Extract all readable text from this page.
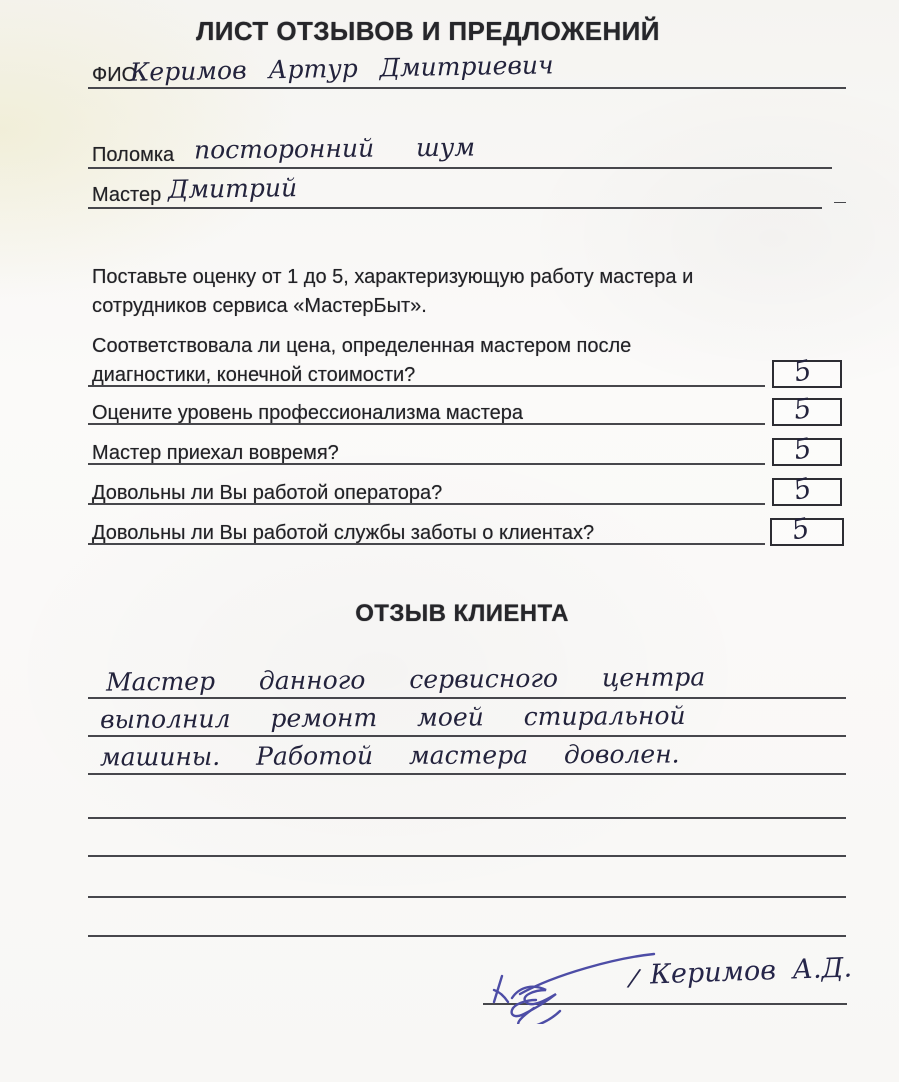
ЛИСТ ОТЗЫВОВ И ПРЕДЛОЖЕНИЙ
ФИО
Керимов Артур Дмитриевич
Поломка посторонний шум
Мастер Дмитрий
Поставьте оценку от 1 до 5, характеризующую работу мастера и
сотрудников сервиса «МастерБыт».
Соответствовала ли цена, определенная мастером после
диагностики, конечной стоимости?	5
Оцените уровень профессионализма мастера	5
Мастер приехал вовремя?	5
Довольны ли Вы работой оператора?	5
Довольны ли Вы работой службы заботы о клиентах?	5
ОТЗЫВ КЛИЕНТА
Мастер данного сервисного центра
выполнил ремонт моей стиральной
машины. Работой мастера доволен.
/ Керимов А.Д.
